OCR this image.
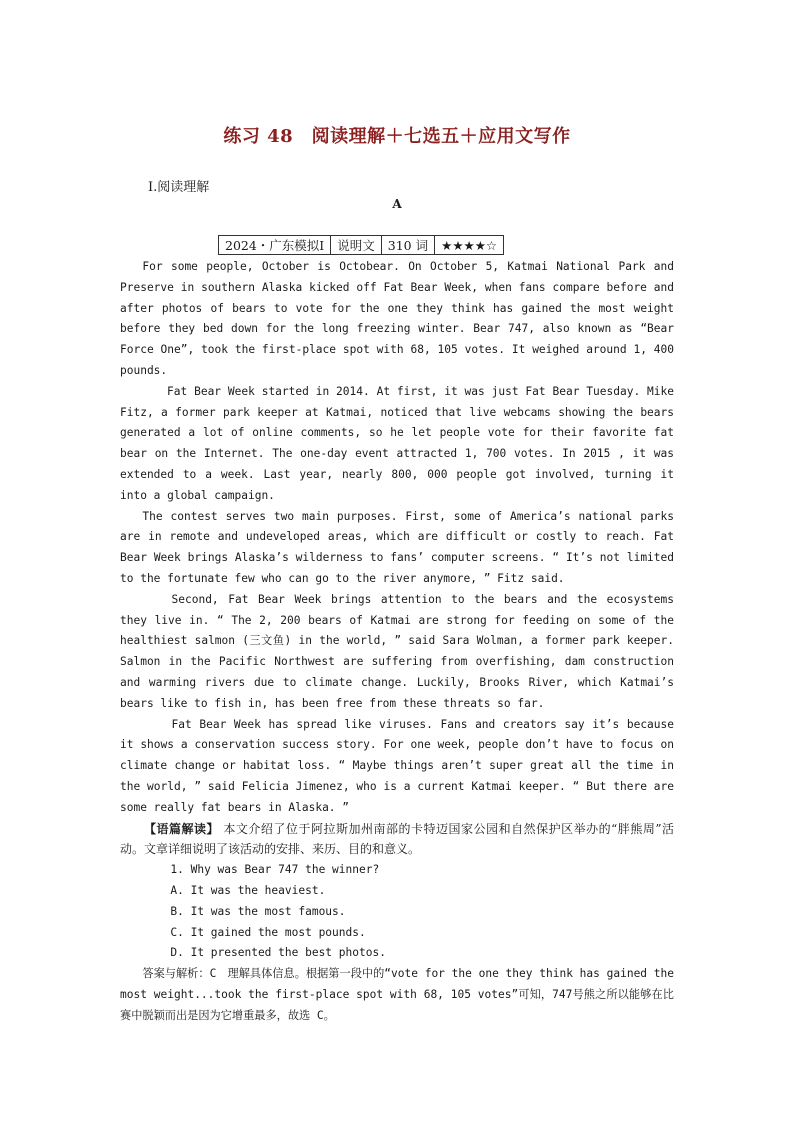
练习 48　阅读理解＋七选五＋应用文写作
Ⅰ.阅读理解
A
2024・广东模拟Ⅰ	说明文	310 词	★★★★☆

For some people, October is Octobear. On October 5, Katmai National Park and Preserve in southern Alaska kicked off Fat Bear Week, when fans compare before and after photos of bears to vote for the one they think has gained the most weight before they bed down for the long freezing winter. Bear 747, also known as “Bear Force One”, took the first-place spot with 68, 105 votes. It weighed around 1, 400 pounds.

Fat Bear Week started in 2014. At first, it was just Fat Bear Tuesday. Mike Fitz, a former park keeper at Katmai, noticed that live webcams showing the bears generated a lot of online comments, so he let people vote for their favorite fat bear on the Internet. The one-day event attracted 1, 700 votes. In 2015 , it was extended to a week. Last year, nearly 800, 000 people got involved, turning it into a global campaign.

The contest serves two main purposes. First, some of America’s national parks are in remote and undeveloped areas, which are difficult or costly to reach. Fat Bear Week brings Alaska’s wilderness to fans’ computer screens. “ It’s not limited to the fortunate few who can go to the river anymore, ” Fitz said.

Second, Fat Bear Week brings attention to the bears and the ecosystems they live in. “ The 2, 200 bears of Katmai are strong for feeding on some of the healthiest salmon (三文鱼) in the world, ” said Sara Wolman, a former park keeper. Salmon in the Pacific Northwest are suffering from overfishing, dam construction and warming rivers due to climate change. Luckily, Brooks River, which Katmai’s bears like to fish in, has been free from these threats so far.

Fat Bear Week has spread like viruses. Fans and creators say it’s because it shows a conservation success story. For one week, people don’t have to focus on climate change or habitat loss. “ Maybe things aren’t super great all the time in the world, ” said Felicia Jimenez, who is a current Katmai keeper. “ But there are some really fat bears in Alaska. ”

【语篇解读】 本文介绍了位于阿拉斯加州南部的卡特迈国家公园和自然保护区举办的“胖熊周”活动。文章详细说明了该活动的安排、来历、目的和意义。

1. Why was Bear 747 the winner?

A. It was the heaviest.

B. It was the most famous.

C. It gained the most pounds.

D. It presented the best photos.

答案与解析：C　理解具体信息。根据第一段中的“vote for the one they think has gained the most weight...took the first-place spot with 68, 105 votes”可知，747号熊之所以能够在比赛中脱颖而出是因为它增重最多，故选 C。
